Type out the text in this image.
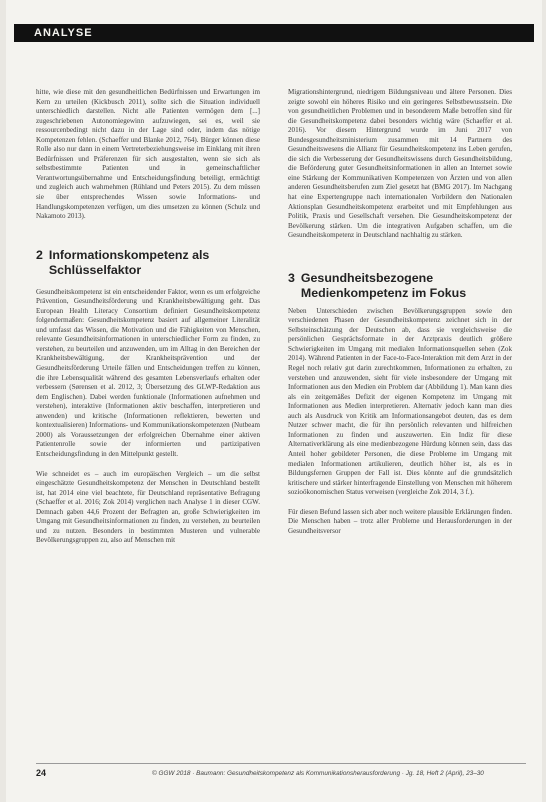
ANALYSE

hitte, wie diese mit den gesundheitlichen Bedürfnissen und Erwartungen im Kern zu urteilen (Kickbusch 2011), sollte sich die Situation individuell unterschiedlich darstellen. Nicht alle Patienten vermögen dem [...] zugeschriebenen Autonomiegewinn aufzuwiegen, sei es, weil sie ressourcenbedingt nicht dazu in der Lage sind oder, indem das nötige Kompetenzen fehlen. (Schaeffer und Blanke 2012, 764). Bürger können diese Rolle also nur dann in einem Vertreterbeziehungsweise im Einklang mit ihren Bedürfnissen und Präferenzen für sich ausgestalten, wenn sie sich als selbstbestimmte Patienten und in gemeinschaftlicher Verantwortungsübernahme und Entscheidungsfindung beteiligt, ermächtigt und zugleich auch wahrnehmen (Rühland und Peters 2015). Zu dem müssen sie über entsprechendes Wissen sowie Informations- und Handlungskompetenzen verfügen, um dies umsetzen zu können (Schulz und Nakamoto 2013).

2 Informationskompetenz als Schlüsselfaktor

Gesundheitskompetenz ist ein entscheidender Faktor, wenn es um erfolgreiche Prävention, Gesundheitsförderung und Krankheitsbewältigung geht. Das European Health Literacy Consortium definiert Gesundheitskompetenz folgendermaßen: Gesundheitskompetenz basiert auf allgemeiner Literalität und umfasst das Wissen, die Motivation und die Fähigkeiten von Menschen, relevante Gesundheitsinformationen in unterschiedlicher Form zu finden, zu verstehen, zu beurteilen und anzuwenden, um im Alltag in den Bereichen der Krankheitsbewältigung, der Krankheitsprävention und der Gesundheitsförderung Urteile fällen und Entscheidungen treffen zu können, die ihre Lebensqualität während des gesamten Lebensverlaufs erhalten oder verbessern (Sørensen et al. 2012, 3; Übersetzung des GLWP-Redaktion aus dem Englischen). Dabei werden funktionale (Informationen aufnehmen und verstehen), interaktive (Informationen aktiv beschaffen, interpretieren und anwenden) und kritische (Informationen reflektieren, bewerten und kontextualisieren) Informations- und Kommunikationskompetenzen (Nutbeam 2000) als Voraussetzungen der erfolgreichen Übernahme einer aktiven Patientenrolle sowie der informierten und partizipativen Entscheidungsfindung in den Mittelpunkt gestellt.

Wie schneidet es – auch im europäischen Vergleich – um die selbst eingeschätzte Gesundheitskompetenz der Menschen in Deutschland bestellt ist, hat 2014 eine viel beachtete, für Deutschland repräsentative Befragung (Schaeffer et al. 2016; Zok 2014) verglichen nach Analyse 1 in dieser CGW. Demnach gaben 44,6 Prozent der Befragten an, große Schwierigkeiten im Umgang mit Gesundheitsinformationen zu finden, zu verstehen, zu beurteilen und zu nutzen. Besonders in bestimmten Musteren und vulnerable Bevölkerungsgruppen zu, also auf Menschen mit

Migrationshintergrund, niedrigem Bildungsniveau und ältere Personen. Dies zeigte sowohl ein höheres Risiko und ein geringeres Selbstbewusstsein. Die von gesundheitlichen Problemen und in besonderem Maße betroffen sind für die Gesundheitskompetenz dabei besonders wichtig wäre (Schaeffer et al. 2016). Vor diesem Hintergrund wurde im Juni 2017 von Bundesgesundheitsministerium zusammen mit 14 Partnern des Gesundheitswesens die Allianz für Gesundheitskompetenz ins Leben gerufen, die sich die Verbesserung der Gesundheitswissens durch Gesundheitsbildung, die Beförderung guter Gesundheitsinformationen in allen an Internet sowie eine Stärkung der Kommunikativen Kompetenzen von Ärzten und von allen anderen Gesundheitsberufen zum Ziel gesetzt hat (BMG 2017). Im Nachgang hat eine Expertengruppe nach internationalen Vorbildern den Nationalen Aktionsplan Gesundheitskompetenz erarbeitet und mit Empfehlungen aus Politik, Praxis und Gesellschaft versehen. Die Gesundheitskompetenz der Bevölkerung stärken. Um die integrativen Aufgaben schaffen, um die Gesundheitskompetenz in Deutschland nachhaltig zu stärken.

3 Gesundheitsbezogene Medienkompetenz im Fokus

Neben Unterschieden zwischen Bevölkerungsgruppen sowie den verschiedenen Phasen der Gesundheitskompetenz zeichnet sich in der Selbsteinschätzung der Deutschen ab, dass sie vergleichsweise die persönlichen Gesprächsformate in der Arztpraxis deutlich größere Schwierigkeiten im Umgang mit medialen Informationsquellen sehen (Zok 2014). Während Patienten in der Face-to-Face-Interaktion mit dem Arzt in der Regel noch relativ gut darin zurechtkommen, Informationen zu erhalten, zu verstehen und anzuwenden, sieht für viele insbesondere der Umgang mit Informationen aus den Medien ein Problem dar (Abbildung 1). Man kann dies als ein zeitgemäßes Defizit der eigenen Kompetenz im Umgang mit Informationen aus Medien interpretieren. Alternativ jedoch kann man dies auch als Ausdruck von Kritik am Informationsangebot deuten, das es dem Nutzer schwer macht, die für ihn persönlich relevanten und hilfreichen Informationen zu finden und auszuwerten. Ein Indiz für diese Alternativerklärung als eine medienbezogene Hürdung können sein, dass das Anteil hoher gebildeter Personen, die diese Probleme im Umgang mit medialen Informationen artikulieren, deutlich höher ist, als es in Bildungsfernen Gruppen der Fall ist. Dies könnte auf die grundsätzlich kritischere und stärker hinterfragende Einstellung von Menschen mit höherem sozioökonomischen Status verweisen (vergleiche Zok 2014, 3 f.).

Für diesen Befund lassen sich aber noch weitere plausible Erklärungen finden. Die Menschen haben – trotz aller Probleme und Herausforderungen in der Gesundheitsversor

24	© GGW 2018 · Baumann: Gesundheitskompetenz als Kommunikationsherausforderung · Jg. 18, Heft 2 (April), 23–30
